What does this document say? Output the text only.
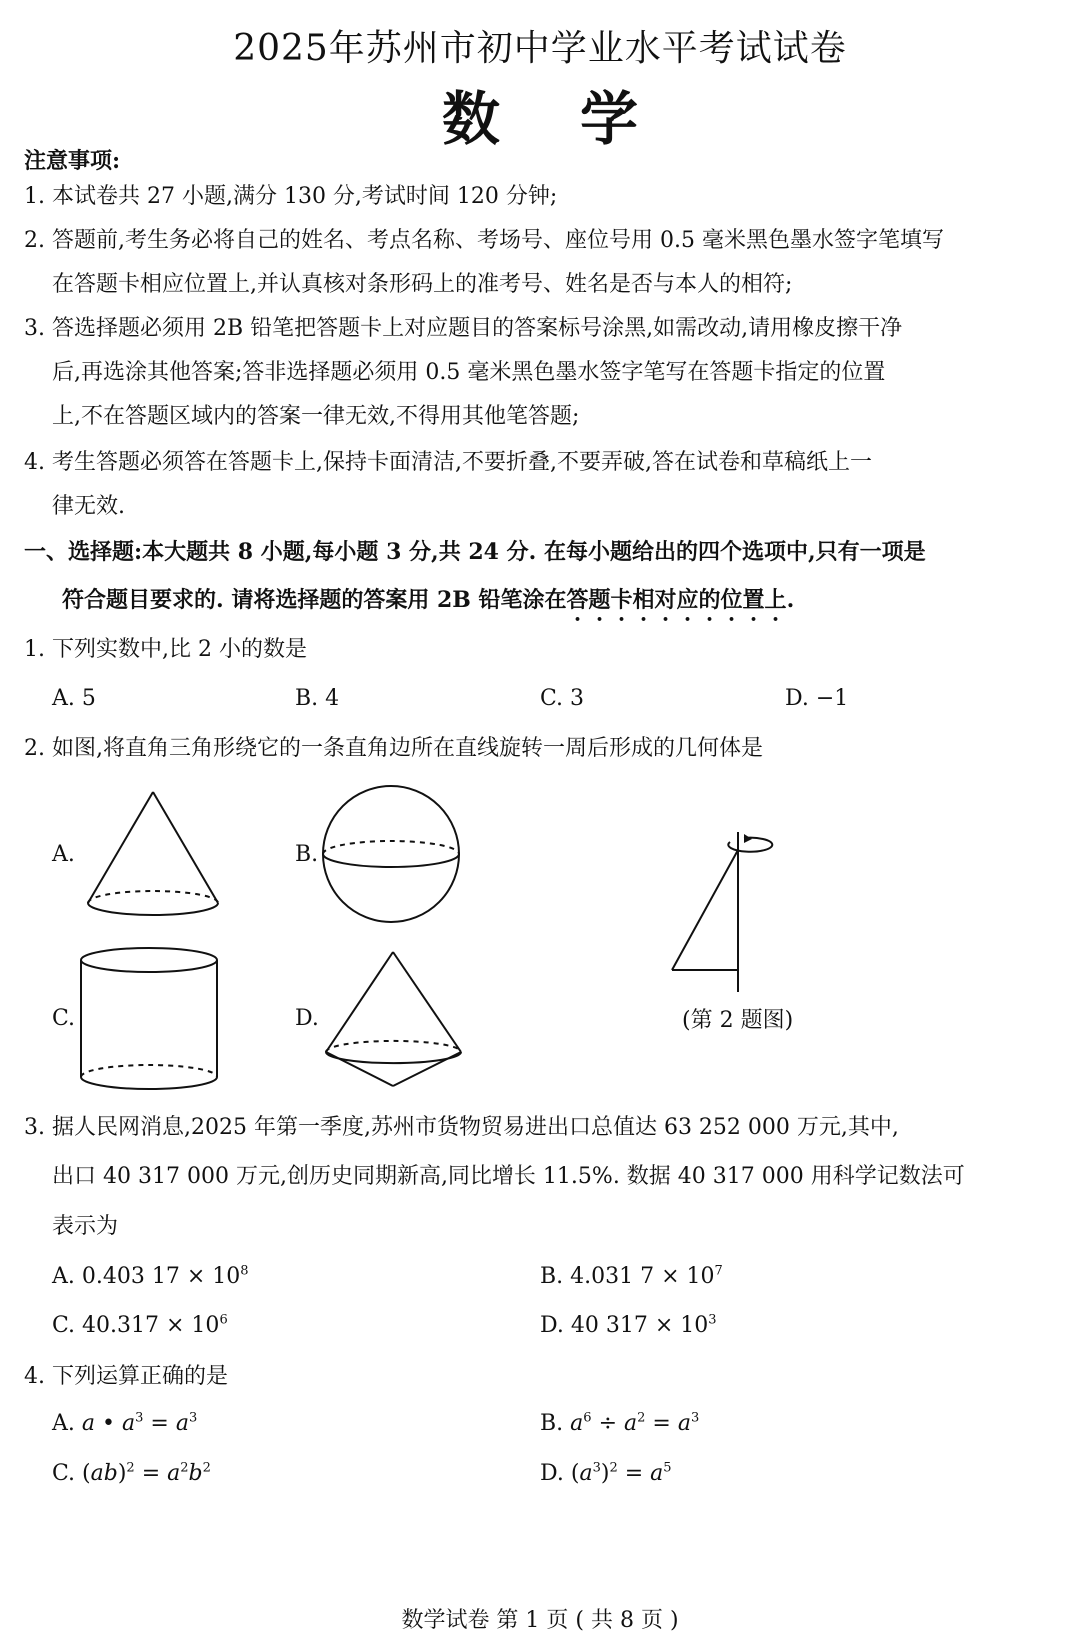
2025年苏州市初中学业水平考试试卷
数学
注意事项:
1. 本试卷共 27 小题,满分 130 分,考试时间 120 分钟;
2. 答题前,考生务必将自己的姓名、考点名称、考场号、座位号用 0.5 毫米黑色墨水签字笔填写
在答题卡相应位置上,并认真核对条形码上的准考号、姓名是否与本人的相符;
3. 答选择题必须用 2B 铅笔把答题卡上对应题目的答案标号涂黑,如需改动,请用橡皮擦干净
后,再选涂其他答案;答非选择题必须用 0.5 毫米黑色墨水签字笔写在答题卡指定的位置
上,不在答题区域内的答案一律无效,不得用其他笔答题;
4. 考生答题必须答在答题卡上,保持卡面清洁,不要折叠,不要弄破,答在试卷和草稿纸上一
律无效.
一、选择题:本大题共 8 小题,每小题 3 分,共 24 分. 在每小题给出的四个选项中,只有一项是
符合题目要求的. 请将选择题的答案用 2B 铅笔涂在答题卡相对应的位置上.
1. 下列实数中,比 2 小的数是
A. 5	B. 4	C. 3	D. −1
2. 如图,将直角三角形绕它的一条直角边所在直线旋转一周后形成的几何体是
A.	B.
C.	D.	(第 2 题图)
3. 据人民网消息,2025 年第一季度,苏州市货物贸易进出口总值达 63 252 000 万元,其中,
出口 40 317 000 万元,创历史同期新高,同比增长 11.5%. 数据 40 317 000 用科学记数法可
表示为
A. 0.403 $17 \times 10^8$	B. 4.031 $7 \times 10^7$
C. $40.317 \times 10^6$	D. 40 $317 \times 10^3$
4. 下列运算正确的是
A. a • $a^3 = a^3$	B. $a^6 \div a^2 = a^3$
C. $(ab)^2 = a^2b^2$	D. $(a^3)^2 = a^5$
数学试卷 第 1 页 ( 共 8 页 )
